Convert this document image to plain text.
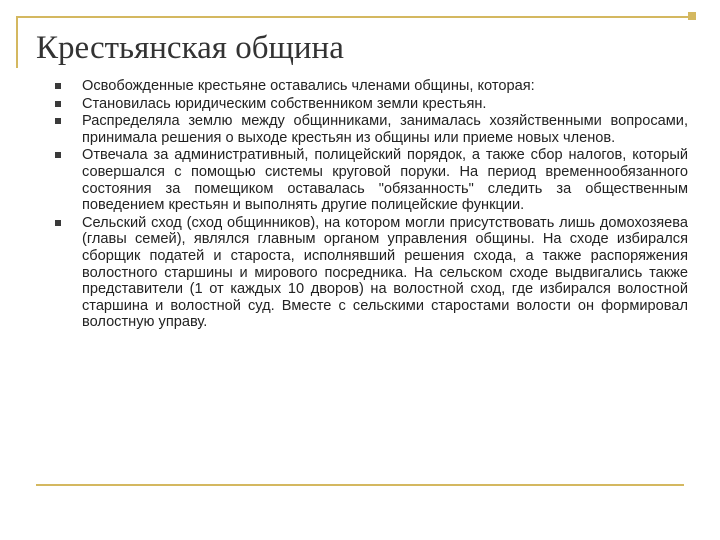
Крестьянская община
Освобожденные крестьяне оставались членами общины, которая:
Становилась юридическим собственником земли крестьян.
Распределяла землю между общинниками, занималась хозяйственными вопросами, принимала решения о выходе крестьян из общины или приеме новых членов.
Отвечала за административный, полицейский порядок, а также сбор налогов, который совершался с помощью системы круговой поруки. На период временнообязанного состояния за помещиком оставалась "обязанность" следить за общественным поведением крестьян и выполнять другие полицейские функции.
Сельский сход (сход общинников), на котором могли присутствовать лишь домохозяева (главы семей), являлся главным органом управления общины. На сходе избирался сборщик податей и староста, исполнявший решения схода, а также распоряжения волостного старшины и мирового посредника. На сельском сходе выдвигались также представители (1 от каждых 10 дворов) на волостной сход, где избирался волостной старшина и волостной суд. Вместе с сельскими старостами волости он формировал волостную управу.
